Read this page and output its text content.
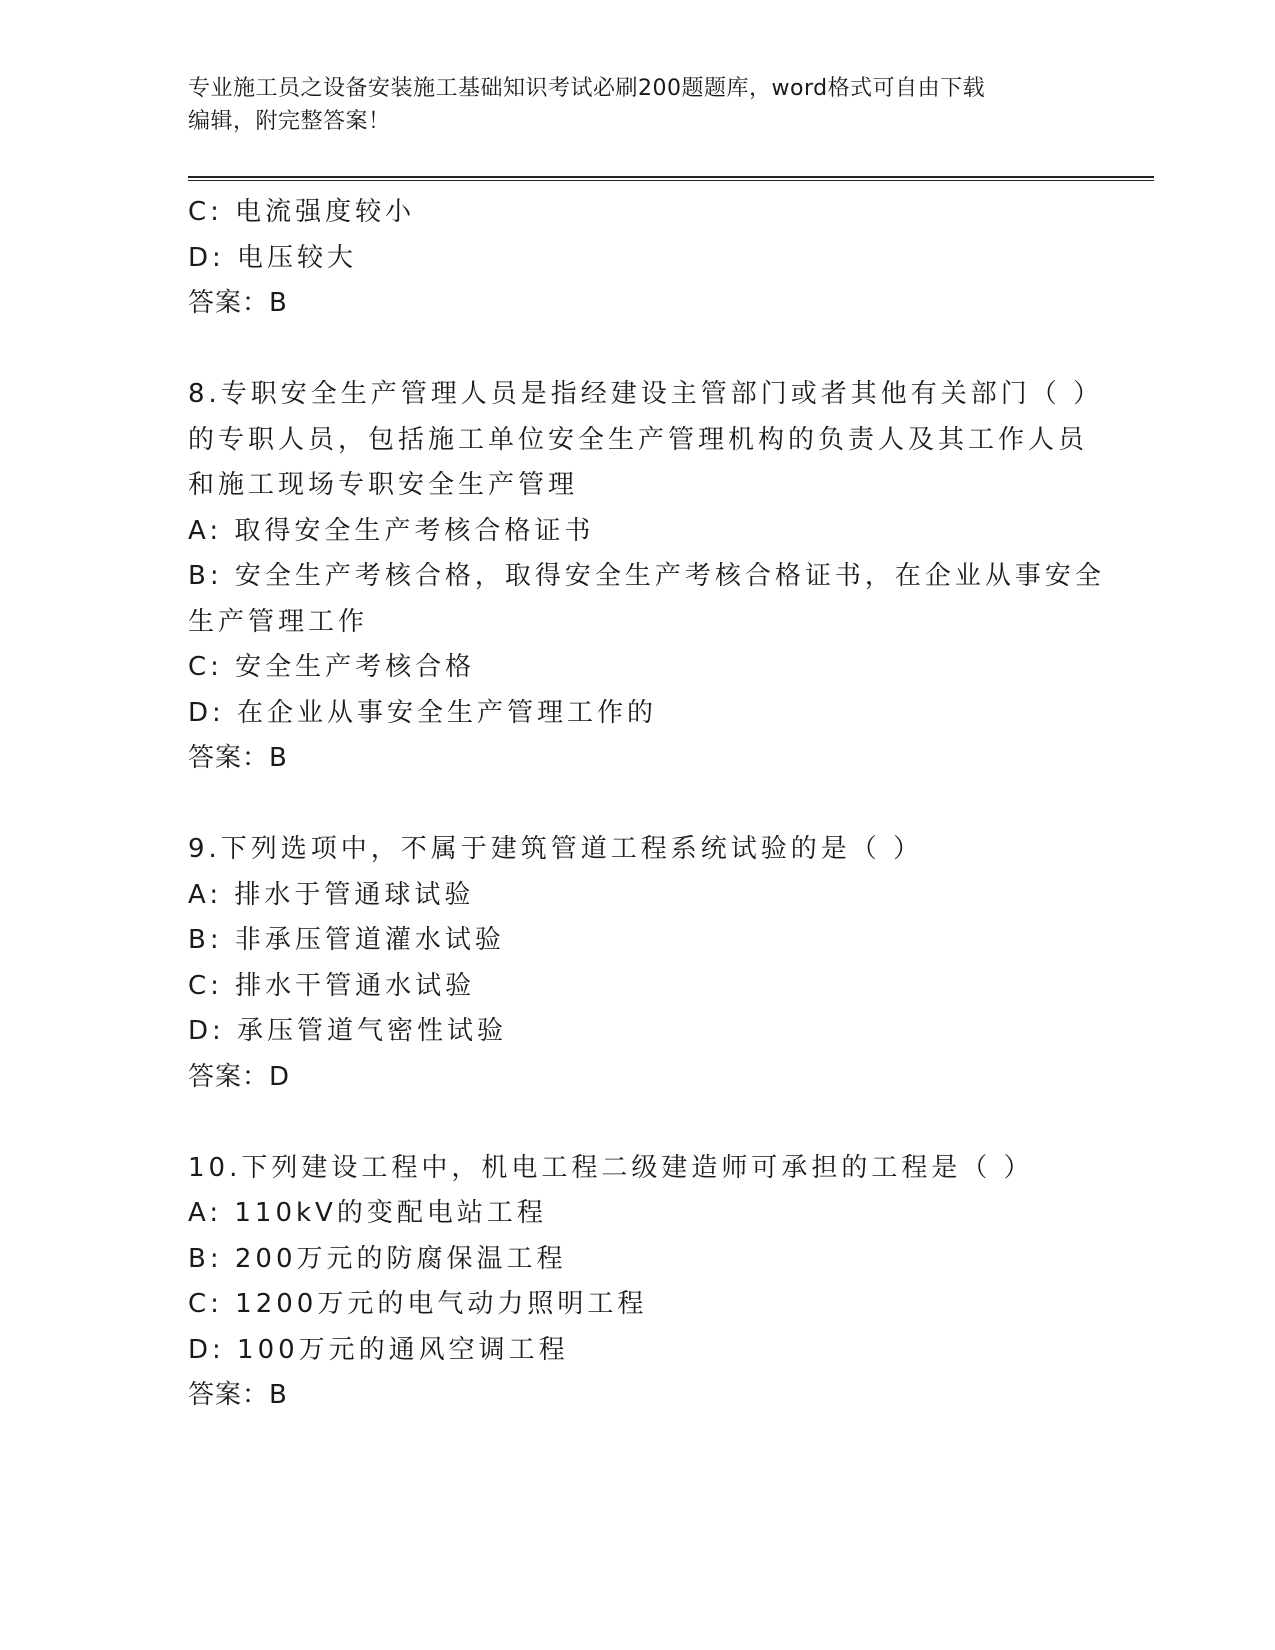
专业施工员之设备安装施工基础知识考试必刷200题题库，word格式可自由下载
编辑，附完整答案！
C: 电流强度较小
D: 电压较大
答案：B
8.专职安全生产管理人员是指经建设主管部门或者其他有关部门（ ）
的专职人员，包括施工单位安全生产管理机构的负责人及其工作人员
和施工现场专职安全生产管理
A: 取得安全生产考核合格证书
B: 安全生产考核合格，取得安全生产考核合格证书，在企业从事安全
生产管理工作
C: 安全生产考核合格
D: 在企业从事安全生产管理工作的
答案：B
9.下列选项中，不属于建筑管道工程系统试验的是（ ）
A: 排水于管通球试验
B: 非承压管道灌水试验
C: 排水干管通水试验
D: 承压管道气密性试验
答案：D
10.下列建设工程中，机电工程二级建造师可承担的工程是（ ）
A: 110kV的变配电站工程
B: 200万元的防腐保温工程
C: 1200万元的电气动力照明工程
D: 100万元的通风空调工程
答案：B
